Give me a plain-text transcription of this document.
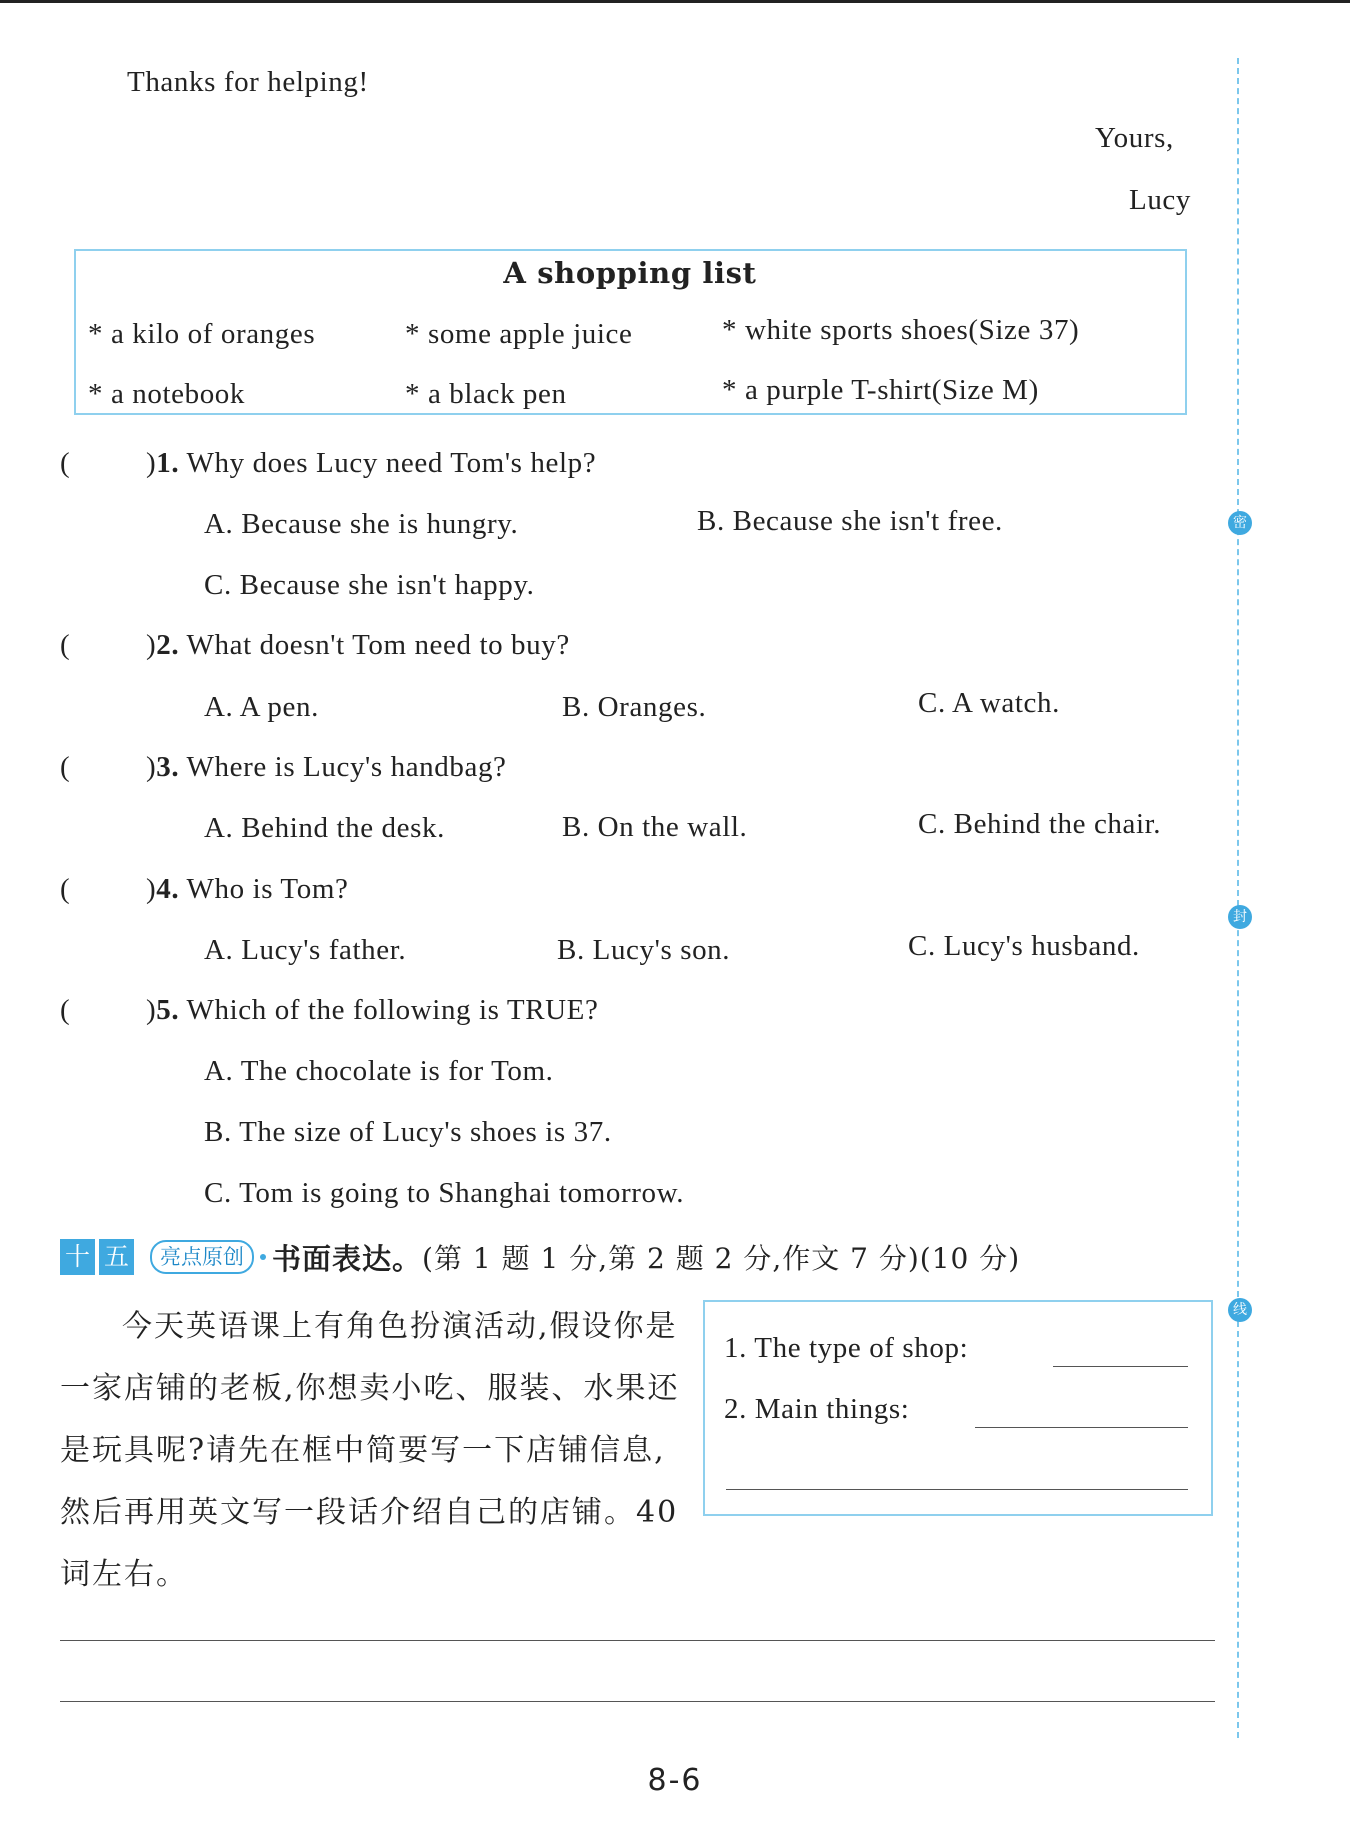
密
封
线
Thanks for helping!
Yours,
Lucy
A shopping list
* a kilo of oranges	* some apple juice	* white sports shoes(Size 37)
* a notebook	* a black pen	* a purple T-shirt(Size M)
(	)1. Why does Lucy need Tom's help?
A. Because she is hungry.	B. Because she isn't free.
C. Because she isn't happy.
(	)2. What doesn't Tom need to buy?
A. A pen.	B. Oranges.	C. A watch.
(	)3. Where is Lucy's handbag?
A. Behind the desk.	B. On the wall.	C. Behind the chair.
(	)4. Who is Tom?
A. Lucy's father.	B. Lucy's son.	C. Lucy's husband.
(	)5. Which of the following is TRUE?
A. The chocolate is for Tom.
B. The size of Lucy's shoes is 37.
C. Tom is going to Shanghai tomorrow.
十 五	亮点原创 书面表达。 (第 1 题 1 分,第 2 题 2 分,作文 7 分)(10 分)
今天英语课上有角色扮演活动,假设你是一家店铺的老板,你想卖小吃、服装、水果还是玩具呢?请先在框中简要写一下店铺信息,然后再用英文写一段话介绍自己的店铺。40 词左右。
1. The type of shop:
2. Main things:
8-6
